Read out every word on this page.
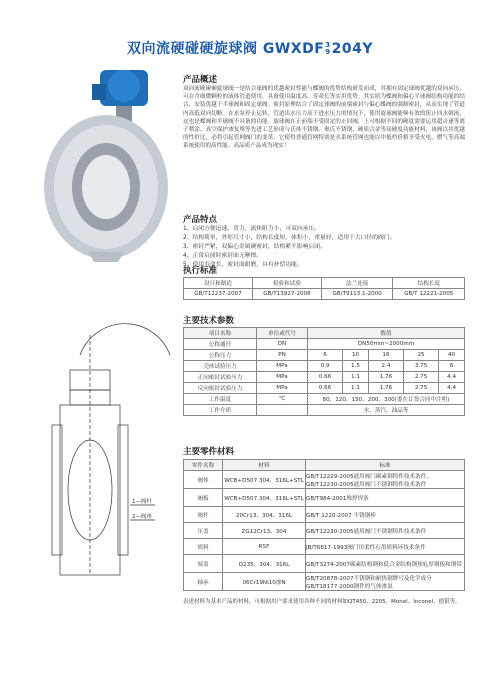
双向流硬碰硬旋球阀 GWXDF3
9204Y
产品概述
双向流硬碰硬旋球阀一是结合球阀的优越密封性能与蝶阀的优势结构研发而成，其拥有固定球阀优越的双向承压，可在含细微颗粒的液体管道使用，具备使用温度高、寿命长等实用优势。其实质为蝶阀和偏心半球阀结构功能的结合，安装优越于半球阀和固定球阀。密封原理结合了固定球阀的前端密封与偏心蝶阀的强制密封，从而实现了管道内高低双向切断。在水泵停止运转，管道出水压力高于进水压力的情况下，使用旋球阀能够有效的阻止回水倒流，这也是蝶阀和半球阀不具备的功能。旋球阀在正前端不受固定的止回阀，上可根据不同的硬度需要运用超音速等离子喷涂、真空保护渗复堆等先进工艺形成与氏体不锈钢、奥氏不锈钢、硬质合金等高硬度功能材料，该阀以其优越的性价比，必将引起管网阀门的变革，它使得普通管网特别是水系统管网也能以中低档价格享受火电、燃气等高端系统使用的高性能、高品质产品成为现实！
产品特点
1、启闭方便迅速、省力，流体阻力小，可双向承压。
2、结构简单，外形尺寸小，结构长度短，体积小，重量轻，适用于大口径的阀门。
3、密封严紧，双偏心金属硬密封，结构紧不影响启闭。
4、正常启闭时密封面无摩擦。
5、使用寿命长，密封面耐磨，具有补偿功能。
执行标准
设计和制造	检验和试验	法兰连接	结构长度
GB/T12237-2007	GB/T13927-2008	GB/T9113.1-2000	GB/T 12221-2005
1—阀杆
2—阀座
主要技术参数
项目名称	单位或代号	数值				
公称通径	DN	DN50mm~2000mm				
公称压力	PN	6	10	16	25	40
壳体试验压力	MPa	0.9	1.5	2.4	3.75	6
正向密封试验压力	MPa	0.66	1.1	1.76	2.75	4.4
反向密封试验压力	MPa	0.66	1.1	1.76	2.75	4.4
工作温度	℃	80、120、150、200、300(委在订货合同中注明)				
工作介质		水、蒸汽、油品等				
主要零件材料
零件名称	材料	标准
阀体	WCB+D507 304、316L+STL	GB/T12229-2005通用阀门碳素钢铸件技术条件，GB/T12230-2005通用阀门不锈钢铸件技术条件
阀板	WCB+D507 304、316L+STL	GB/T984-2001堆焊焊条
阀杆	20Cr13、304、316L	GB/T 1220-2007 不锈钢棒
压盖	ZG12Cr13、304	GB/T12230-2005通用阀门不锈钢铸件技术条件
填料	RSF	JB/T6617-1993阀门用柔性石墨填料环技术条件
端盖	Q235、304、316L	GB/T3274-2007碳素结构钢和低合金结构钢热轧厚钢板和钢带
轴承	06Cr19Ni10渗N	GB/T20878-2007不锈钢和耐热钢牌号及化学成分 GB/T18177-2000钢件的气体渗氮
表述材料为基本产品的材料，可根据用户要求使用各种不同的材料如QT450、2205、Monel、Inconel、德银等。
